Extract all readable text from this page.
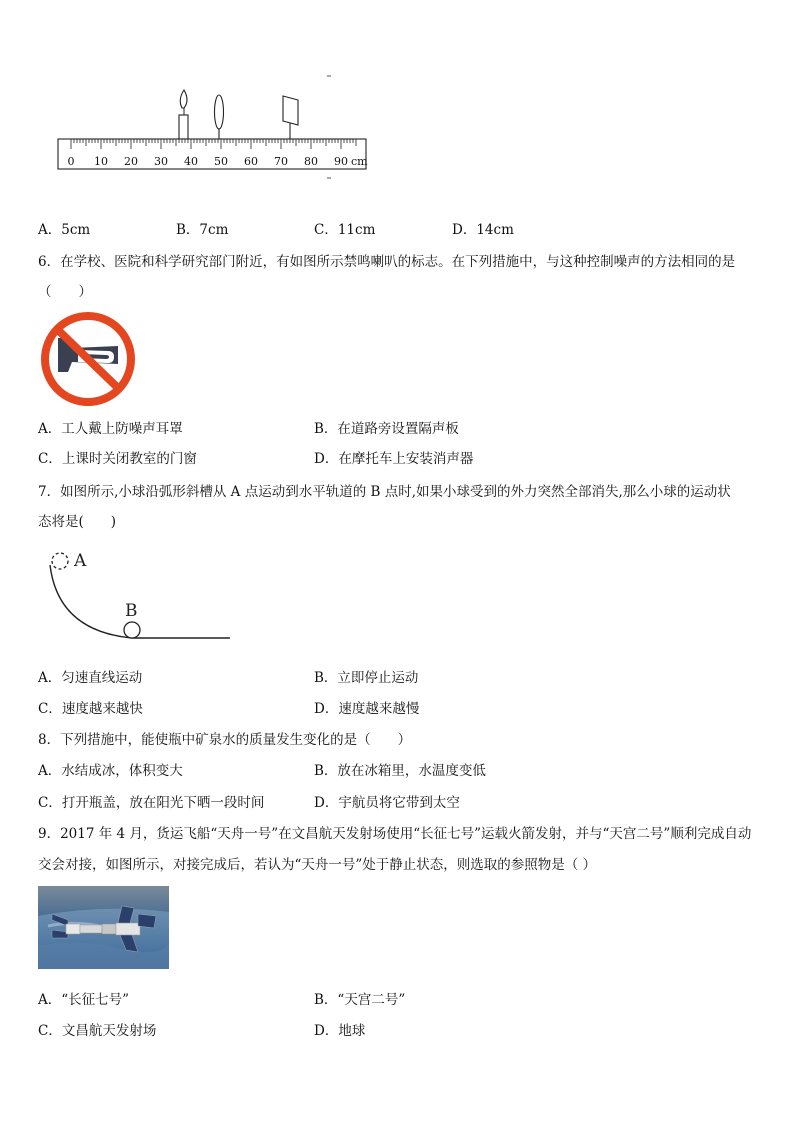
0 10 20 30 40 50 60 70 80 90 cm
A．5cm	B．7cm	C．11cm	D．14cm
6．在学校、医院和科学研究部门附近，有如图所示禁鸣喇叭的标志。在下列措施中，与这种控制噪声的方法相同的是
（　　）
A．工人戴上防噪声耳罩	B．在道路旁设置隔声板
C．上课时关闭教室的门窗	D．在摩托车上安装消声器
7．如图所示,小球沿弧形斜槽从 A 点运动到水平轨道的 B 点时,如果小球受到的外力突然全部消失,那么小球的运动状
态将是(　　)
A
B
A．匀速直线运动	B．立即停止运动
C．速度越来越快	D．速度越来越慢
8．下列措施中，能使瓶中矿泉水的质量发生变化的是（　　）
A．水结成冰，体积变大	B．放在冰箱里，水温度变低
C．打开瓶盖，放在阳光下晒一段时间	D．宇航员将它带到太空
9．2017 年 4 月，货运飞船“天舟一号”在文昌航天发射场使用“长征七号”运载火箭发射，并与“天宫二号”顺利完成自动
交会对接，如图所示，对接完成后，若认为“天舟一号”处于静止状态，则选取的参照物是（ ）
A．“长征七号”	B．“天宫二号”
C．文昌航天发射场	D．地球
